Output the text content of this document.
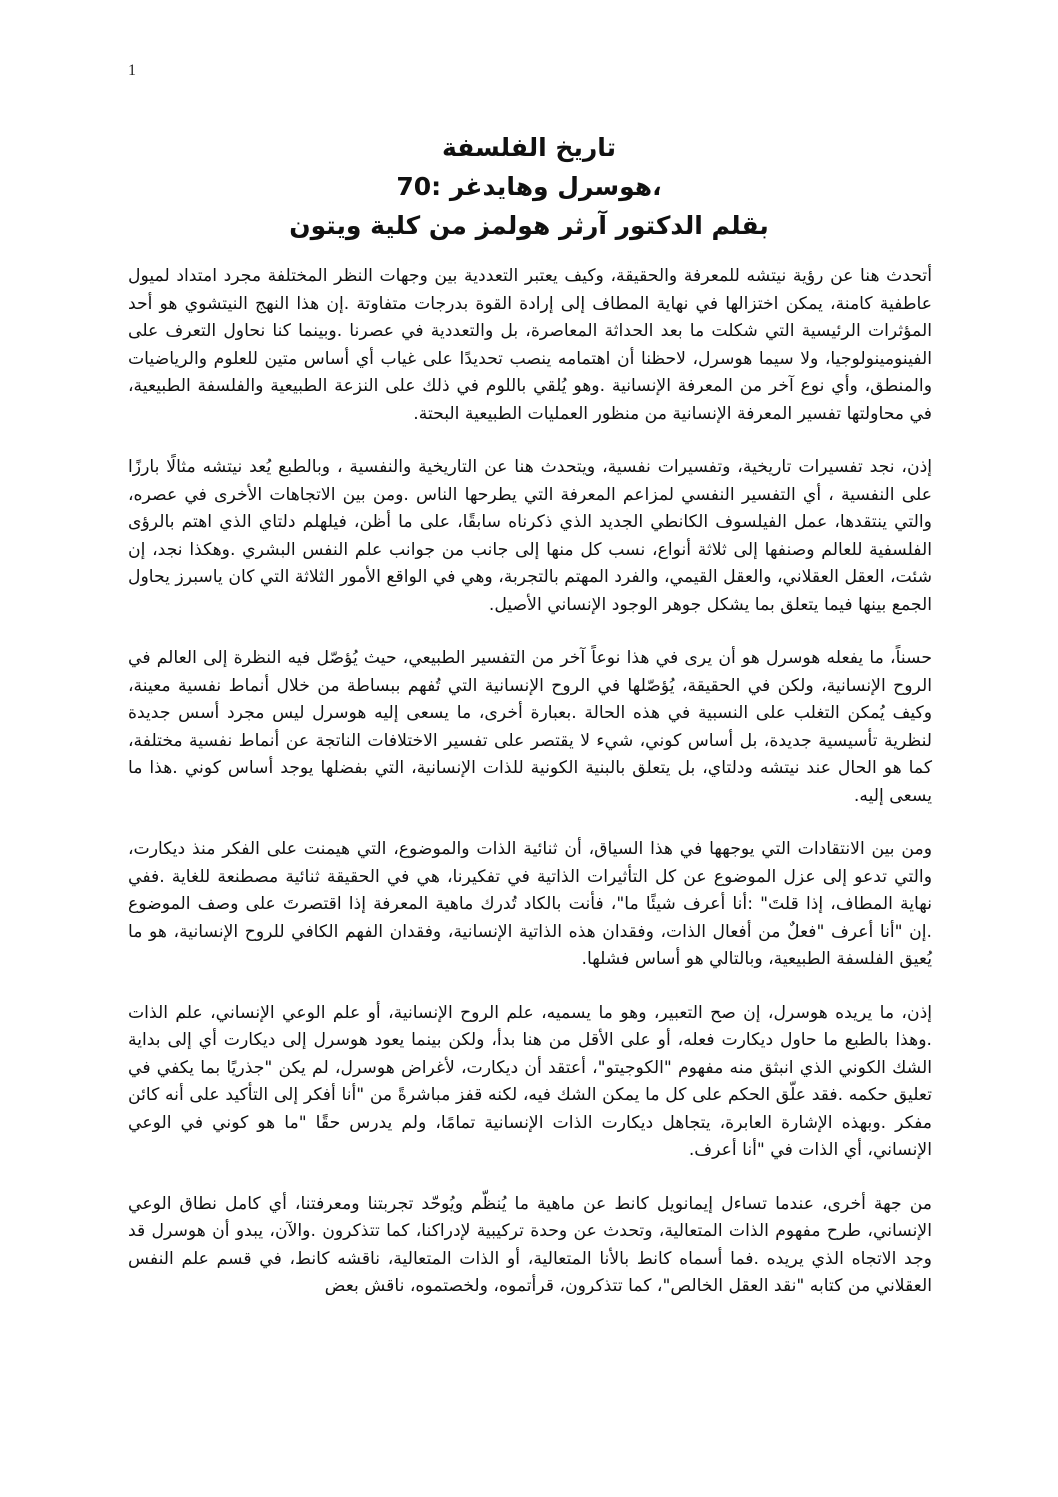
1
تاريخ الفلسفة
،هوسرل وهايدغر :70
بقلم الدكتور آرثر هولمز من كلية ويتون

أتحدث هنا عن رؤية نيتشه للمعرفة والحقيقة، وكيف يعتبر التعددية بين وجهات النظر المختلفة مجرد امتداد لميول عاطفية كامنة، يمكن اختزالها في نهاية المطاف إلى إرادة القوة بدرجات متفاوتة .إن هذا النهج النيتشوي هو أحد المؤثرات الرئيسية التي شكلت ما بعد الحداثة المعاصرة، بل والتعددية في عصرنا .وبينما كنا نحاول التعرف على الفينومينولوجيا، ولا سيما هوسرل، لاحظنا أن اهتمامه ينصب تحديدًا على غياب أي أساس متين للعلوم والرياضيات والمنطق، وأي نوع آخر من المعرفة الإنسانية .وهو يُلقي باللوم في ذلك على النزعة الطبيعية والفلسفة الطبيعية، في محاولتها تفسير المعرفة الإنسانية من منظور العمليات الطبيعية البحتة.

إذن، نجد تفسيرات تاريخية، وتفسيرات نفسية، ويتحدث هنا عن التاريخية والنفسية ، وبالطبع يُعد نيتشه مثالًا بارزًا على النفسية ، أي التفسير النفسي لمزاعم المعرفة التي يطرحها الناس .ومن بين الاتجاهات الأخرى في عصره، والتي ينتقدها، عمل الفيلسوف الكانطي الجديد الذي ذكرناه سابقًا، على ما أظن، فيلهلم دلتاي الذي اهتم بالرؤى الفلسفية للعالم وصنفها إلى ثلاثة أنواع، نسب كل منها إلى جانب من جوانب علم النفس البشري .وهكذا نجد، إن شئت، العقل العقلاني، والعقل القيمي، والفرد المهتم بالتجربة، وهي في الواقع الأمور الثلاثة التي كان ياسبرز يحاول الجمع بينها فيما يتعلق بما يشكل جوهر الوجود الإنساني الأصيل.

حسناً، ما يفعله هوسرل هو أن يرى في هذا نوعاً آخر من التفسير الطبيعي، حيث يُؤصّل فيه النظرة إلى العالم في الروح الإنسانية، ولكن في الحقيقة، يُؤصّلها في الروح الإنسانية التي تُفهم ببساطة من خلال أنماط نفسية معينة، وكيف يُمكن التغلب على النسبية في هذه الحالة .بعبارة أخرى، ما يسعى إليه هوسرل ليس مجرد أسس جديدة لنظرية تأسيسية جديدة، بل أساس كوني، شيء لا يقتصر على تفسير الاختلافات الناتجة عن أنماط نفسية مختلفة، كما هو الحال عند نيتشه ودلتاي، بل يتعلق بالبنية الكونية للذات الإنسانية، التي بفضلها يوجد أساس كوني .هذا ما يسعى إليه.

ومن بين الانتقادات التي يوجهها في هذا السياق، أن ثنائية الذات والموضوع، التي هيمنت على الفكر منذ ديكارت، والتي تدعو إلى عزل الموضوع عن كل التأثيرات الذاتية في تفكيرنا، هي في الحقيقة ثنائية مصطنعة للغاية .ففي نهاية المطاف، إذا قلتَ" :أنا أعرف شيئًا ما"، فأنت بالكاد تُدرك ماهية المعرفة إذا اقتصرتَ على وصف الموضوع .إن "أنا أعرف "فعلٌ من أفعال الذات، وفقدان هذه الذاتية الإنسانية، وفقدان الفهم الكافي للروح الإنسانية، هو ما يُعيق الفلسفة الطبيعية، وبالتالي هو أساس فشلها.

إذن، ما يريده هوسرل، إن صح التعبير، وهو ما يسميه، علم الروح الإنسانية، أو علم الوعي الإنساني، علم الذات .وهذا بالطبع ما حاول ديكارت فعله، أو على الأقل من هنا بدأ، ولكن بينما يعود هوسرل إلى ديكارت أي إلى بداية الشك الكوني الذي انبثق منه مفهوم "الكوجيتو"، أعتقد أن ديكارت، لأغراض هوسرل، لم يكن "جذريًا بما يكفي في تعليق حكمه .فقد علّق الحكم على كل ما يمكن الشك فيه، لكنه قفز مباشرةً من "أنا أفكر إلى التأكيد على أنه كائن مفكر .وبهذه الإشارة العابرة، يتجاهل ديكارت الذات الإنسانية تمامًا، ولم يدرس حقًا "ما هو كوني في الوعي الإنساني، أي الذات في "أنا أعرف.

من جهة أخرى، عندما تساءل إيمانويل كانط عن ماهية ما يُنظّم ويُوحّد تجربتنا ومعرفتنا، أي كامل نطاق الوعي الإنساني، طرح مفهوم الذات المتعالية، وتحدث عن وحدة تركيبية لإدراكنا، كما تتذكرون .والآن، يبدو أن هوسرل قد وجد الاتجاه الذي يريده .فما أسماه كانط بالأنا المتعالية، أو الذات المتعالية، ناقشه كانط، في قسم علم النفس العقلاني من كتابه "نقد العقل الخالص"، كما تتذكرون، قرأتموه، ولخصتموه، ناقش بعض
